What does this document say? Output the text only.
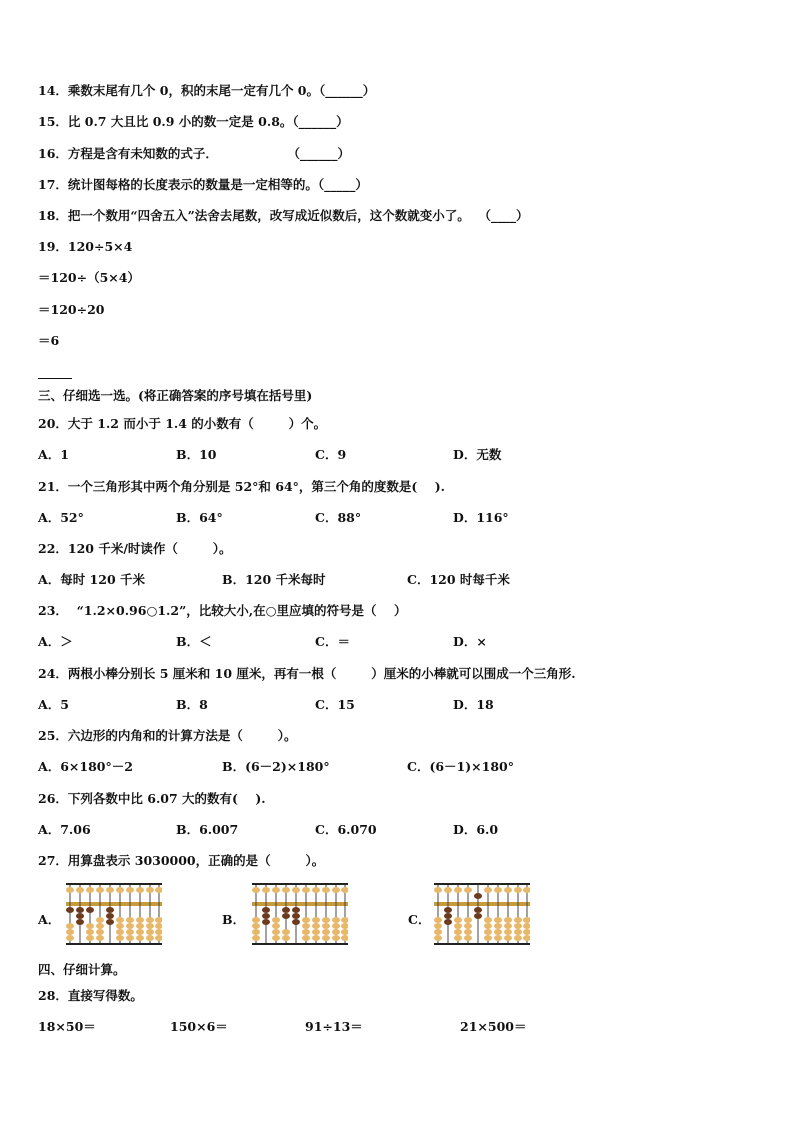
14．乘数末尾有几个 0，积的末尾一定有几个 0。（______）
15．比 0.7 大且比 0.9 小的数一定是 0.8。（______）
16．方程是含有未知数的式子．                （______）
17．统计图每格的长度表示的数量是一定相等的。（_____）
18．把一个数用“四舍五入”法舍去尾数，改写成近似数后，这个数就变小了。  （____）
19．120÷5×4
＝120÷（5×4）
＝120÷20
＝6
三、仔细选一选。(将正确答案的序号填在括号里)
20．大于 1.2 而小于 1.4 的小数有（        ）个。
A．1	B．10	C．9	D．无数
21．一个三角形其中两个角分别是 52°和 64°，第三个角的度数是(    ).
A．52°	B．64°	C．88°	D．116°
22．120 千米/时读作（        ）。
A．每时 120 千米	B．120 千米每时	C．120 时每千米
23．  “1.2×0.96○1.2”，比较大小,在○里应填的符号是（    ）
A．＞	B．＜	C．＝	D．×
24．两根小棒分别长 5 厘米和 10 厘米，再有一根（        ）厘米的小棒就可以围成一个三角形.
A．5	B．8	C．15	D．18
25．六边形的内角和的计算方法是（        ）。
A．6×180°－2	B．(6－2)×180°	C．(6－1)×180°
26．下列各数中比 6.07 大的数有(    ).
A．7.06	B．6.007	C．6.070	D．6.0
27．用算盘表示 3030000，正确的是（        ）。
A．	B．	C．
四、仔细计算。
28．直接写得数。
18×50＝	150×6＝	91÷13＝	21×500＝
